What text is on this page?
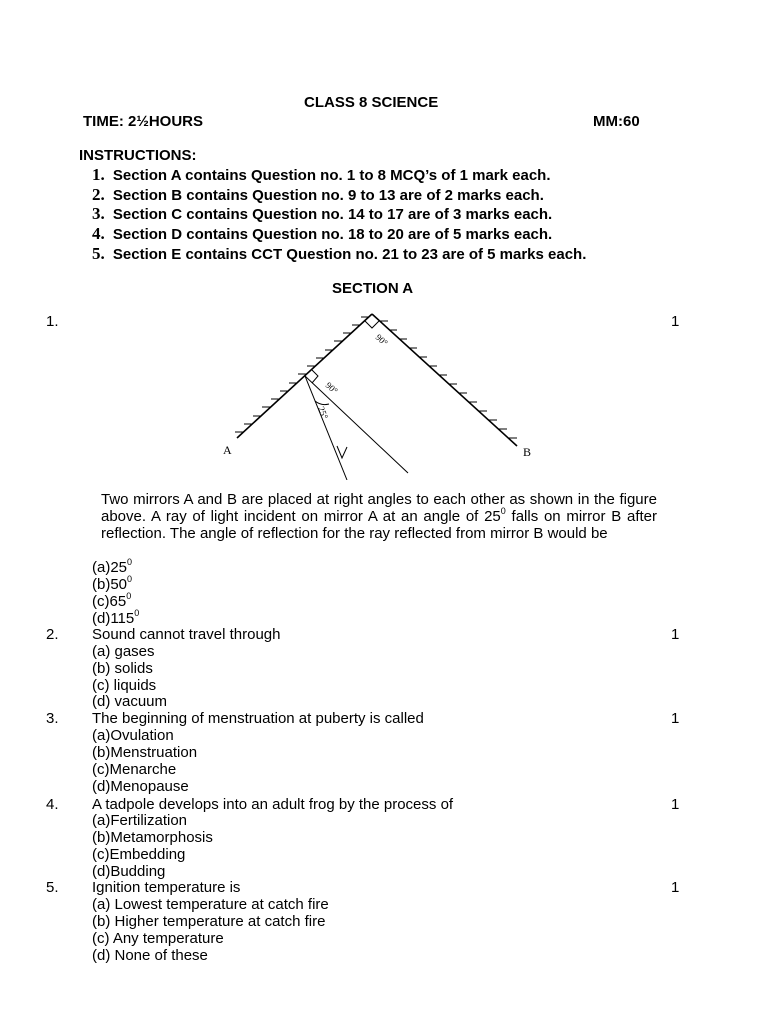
CLASS 8 SCIENCE
TIME: 2½HOURS	MM:60
INSTRUCTIONS:
1. Section A contains Question no. 1 to 8 MCQ’s of 1 mark each.
2. Section B contains Question no. 9 to 13 are of 2 marks each.
3. Section C contains Question no. 14 to 17 are of 3 marks each.
4. Section D contains Question no. 18 to 20 are of 5 marks each.
5. Section E contains CCT Question no. 21 to 23 are of 5 marks each.
SECTION A
1.	1
A	B
90°
90°
25°
Two mirrors A and B are placed at right angles to each other as shown in the figure above. A ray of light incident on mirror A at an angle of $25^0$ falls on mirror B after reflection. The angle of reflection for the ray reflected from mirror B would be
$(a)25^0$
$(b)50^0$
$(c)65^0$
$(d)115^0$
2. Sound cannot travel through	1
(a) gases
(b) solids
(c) liquids
(d) vacuum
3. The beginning of menstruation at puberty is called	1
(a)Ovulation
(b)Menstruation
(c)Menarche
(d)Menopause
4. A tadpole develops into an adult frog by the process of	1
(a)Fertilization
(b)Metamorphosis
(c)Embedding
(d)Budding
5. Ignition temperature is	1
(a) Lowest temperature at catch fire
(b) Higher temperature at catch fire
(c) Any temperature
(d) None of these
